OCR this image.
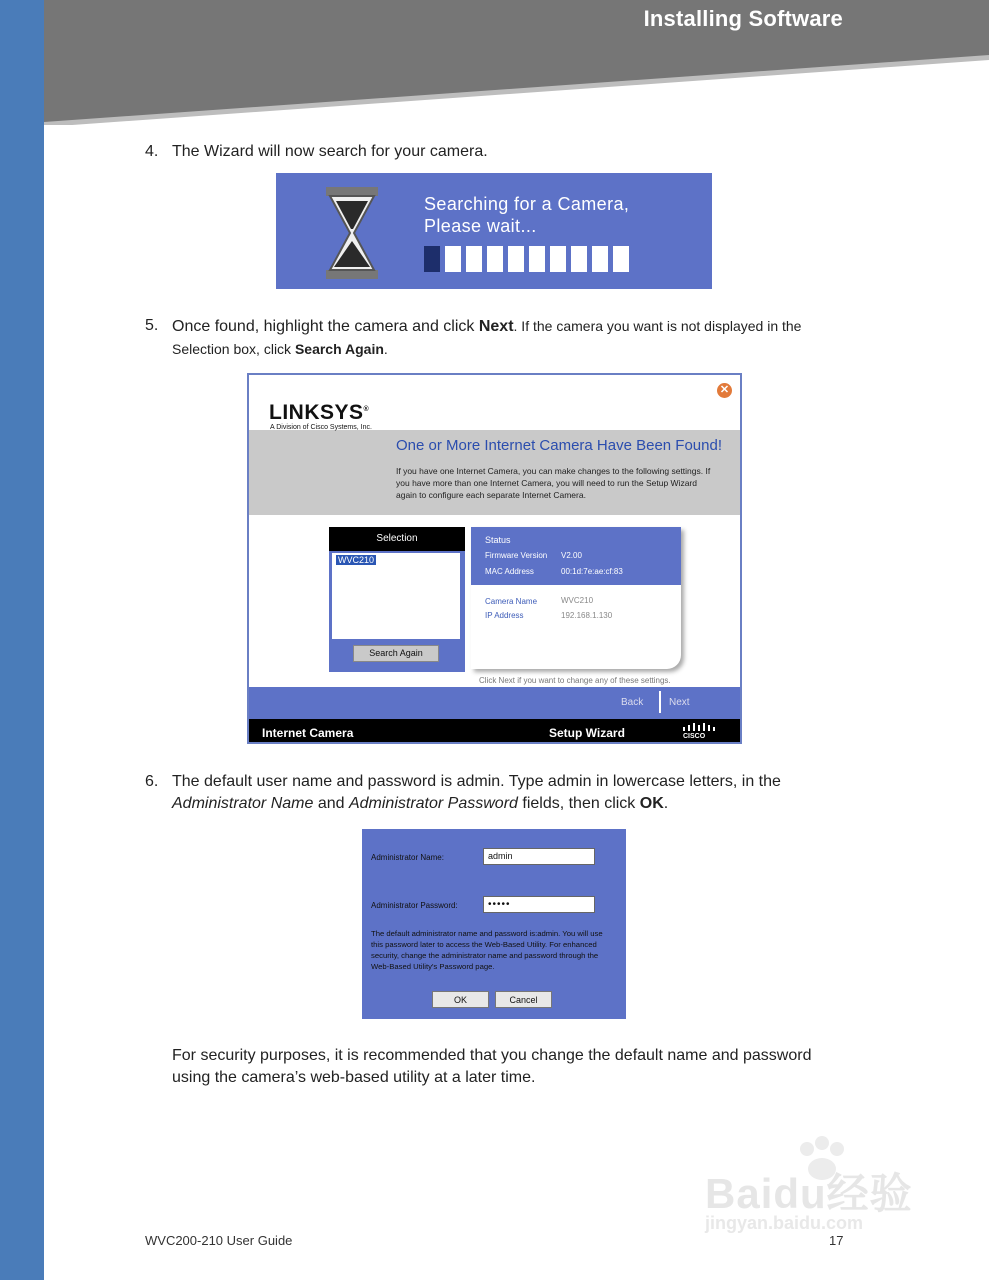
Installing Software
4. The Wizard will now search for your camera.
Searching for a Camera,
Please wait...
5. Once found, highlight the camera and click Next. If the camera you want is not displayed in the Selection box, click Search Again.
LINKSYS®
A Division of Cisco Systems, Inc.
✕
One or More Internet Camera Have Been Found!
If you have one Internet Camera, you can make changes to the following settings. If you have more than one Internet Camera, you will need to run the Setup Wizard again to configure each separate Internet Camera.
Selection
WVC210
Search Again
Status
Firmware Version V2.00
MAC Address	00:1d:7e:ae:cf:83
Camera Name	WVC210
IP Address	192.168.1.130
Click Next if you want to change any of these settings.
Back	Next
Internet Camera	Setup Wizard	CISCO
6. The default user name and password is admin. Type admin in lowercase letters, in the Administrator Name and Administrator Password fields, then click OK.
Administrator Name:	admin
Administrator Password:	•••••
The default administrator name and password is:admin. You will use this password later to access the Web-Based Utility. For enhanced security, change the administrator name and password through the Web-Based Utility's Password page.
OK	Cancel
For security purposes, it is recommended that you change the default name and password using the camera’s web-based utility at a later time.
Baidu经验
jingyan.baidu.com
WVC200-210 User Guide	17
